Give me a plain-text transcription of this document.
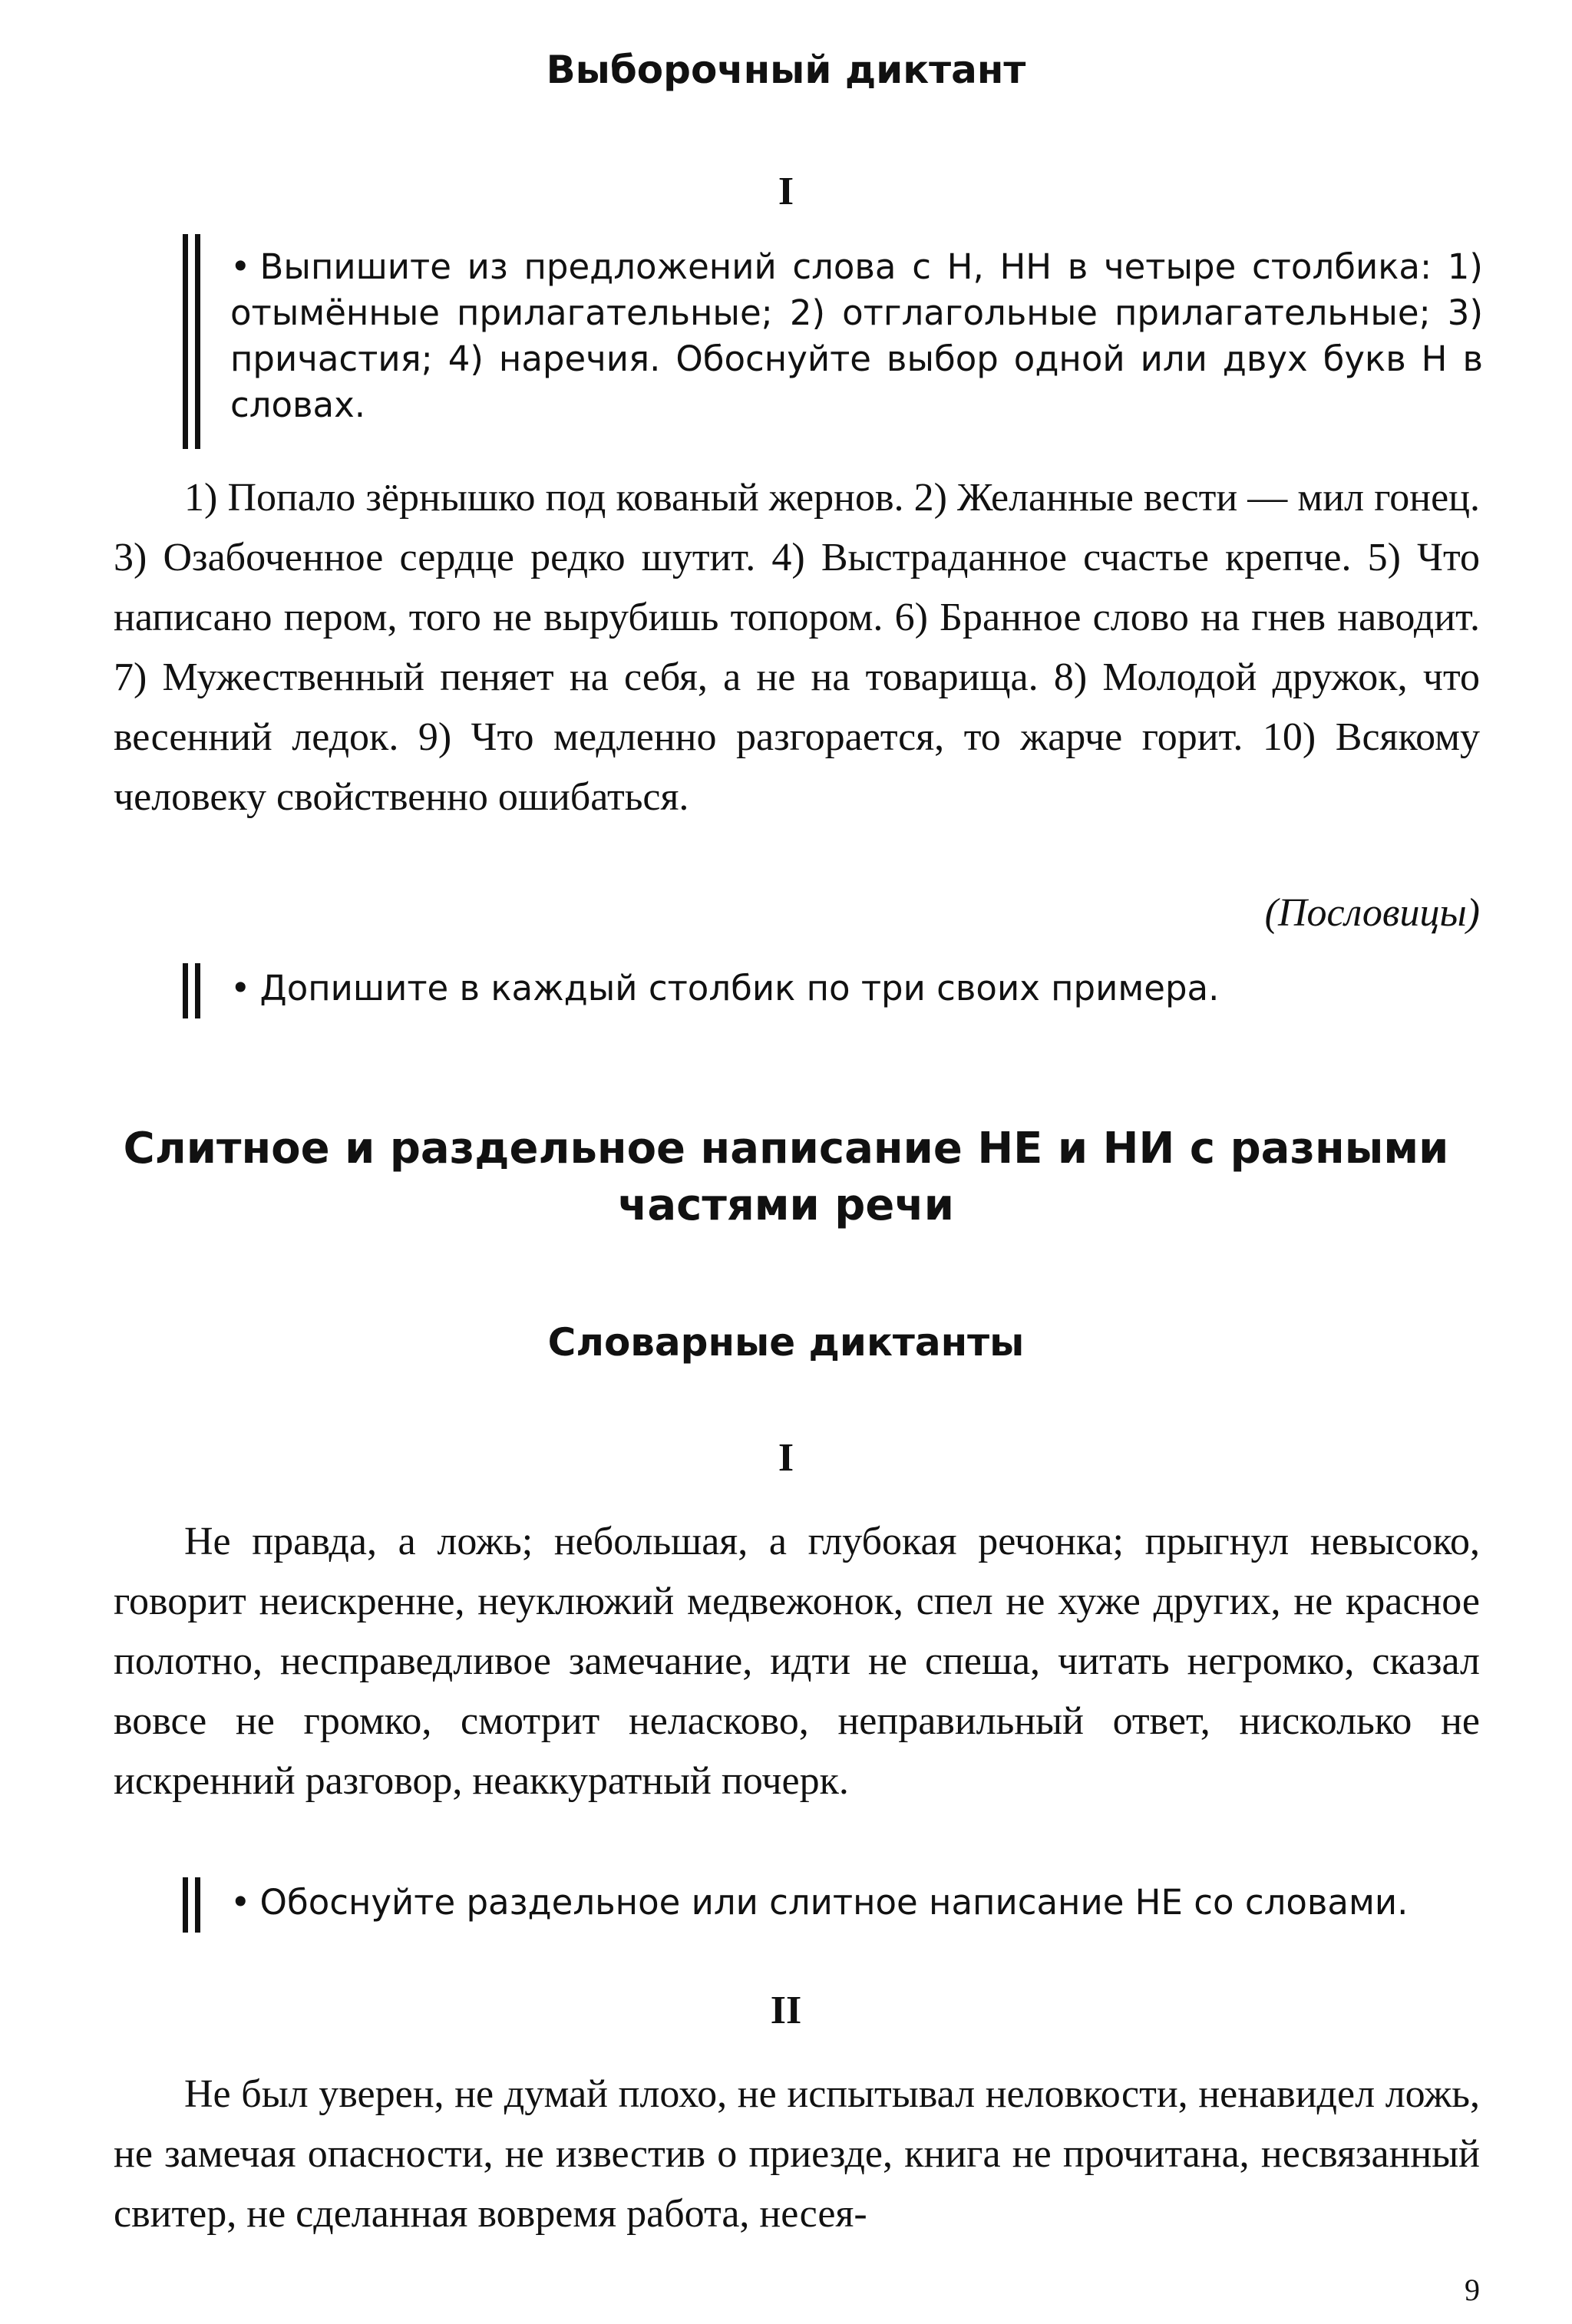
Выборочный диктант
I

• Выпишите из предложений слова с Н, НН в четыре столбика: 1) отымённые прилагательные; 2) отглагольные прилагательные; 3) причастия; 4) наречия. Обоснуйте выбор одной или двух букв Н в словах.

1) Попало зёрнышко под кованый жернов. 2) Желанные вести — мил гонец. 3) Озабоченное сердце редко шутит. 4) Выстраданное счастье крепче. 5) Что написано пером, того не вырубишь топором. 6) Бранное слово на гнев наводит. 7) Мужественный пеняет на себя, а не на товарища. 8) Молодой дружок, что весенний ледок. 9) Что медленно разгорается, то жарче горит. 10) Всякому человеку свойственно ошибаться.

(Пословицы)

• Допишите в каждый столбик по три своих примера.

Слитное и раздельное написание НЕ и НИ с разными
частями речи
Словарные диктанты
I

Не правда, а ложь; небольшая, а глубокая речонка; прыгнул невысоко, говорит неискренне, неуклюжий медвежонок, спел не хуже других, не красное полотно, несправедливое замечание, идти не спеша, читать негромко, сказал вовсе не громко, смотрит неласково, неправильный ответ, нисколько не искренний разговор, неаккуратный почерк.

• Обоснуйте раздельное или слитное написание НЕ со словами.

II

Не был уверен, не думай плохо, не испытывал неловкости, ненавидел ложь, не замечая опасности, не известив о приезде, книга не прочитана, несвязанный свитер, не сделанная вовремя работа, несея-

9
